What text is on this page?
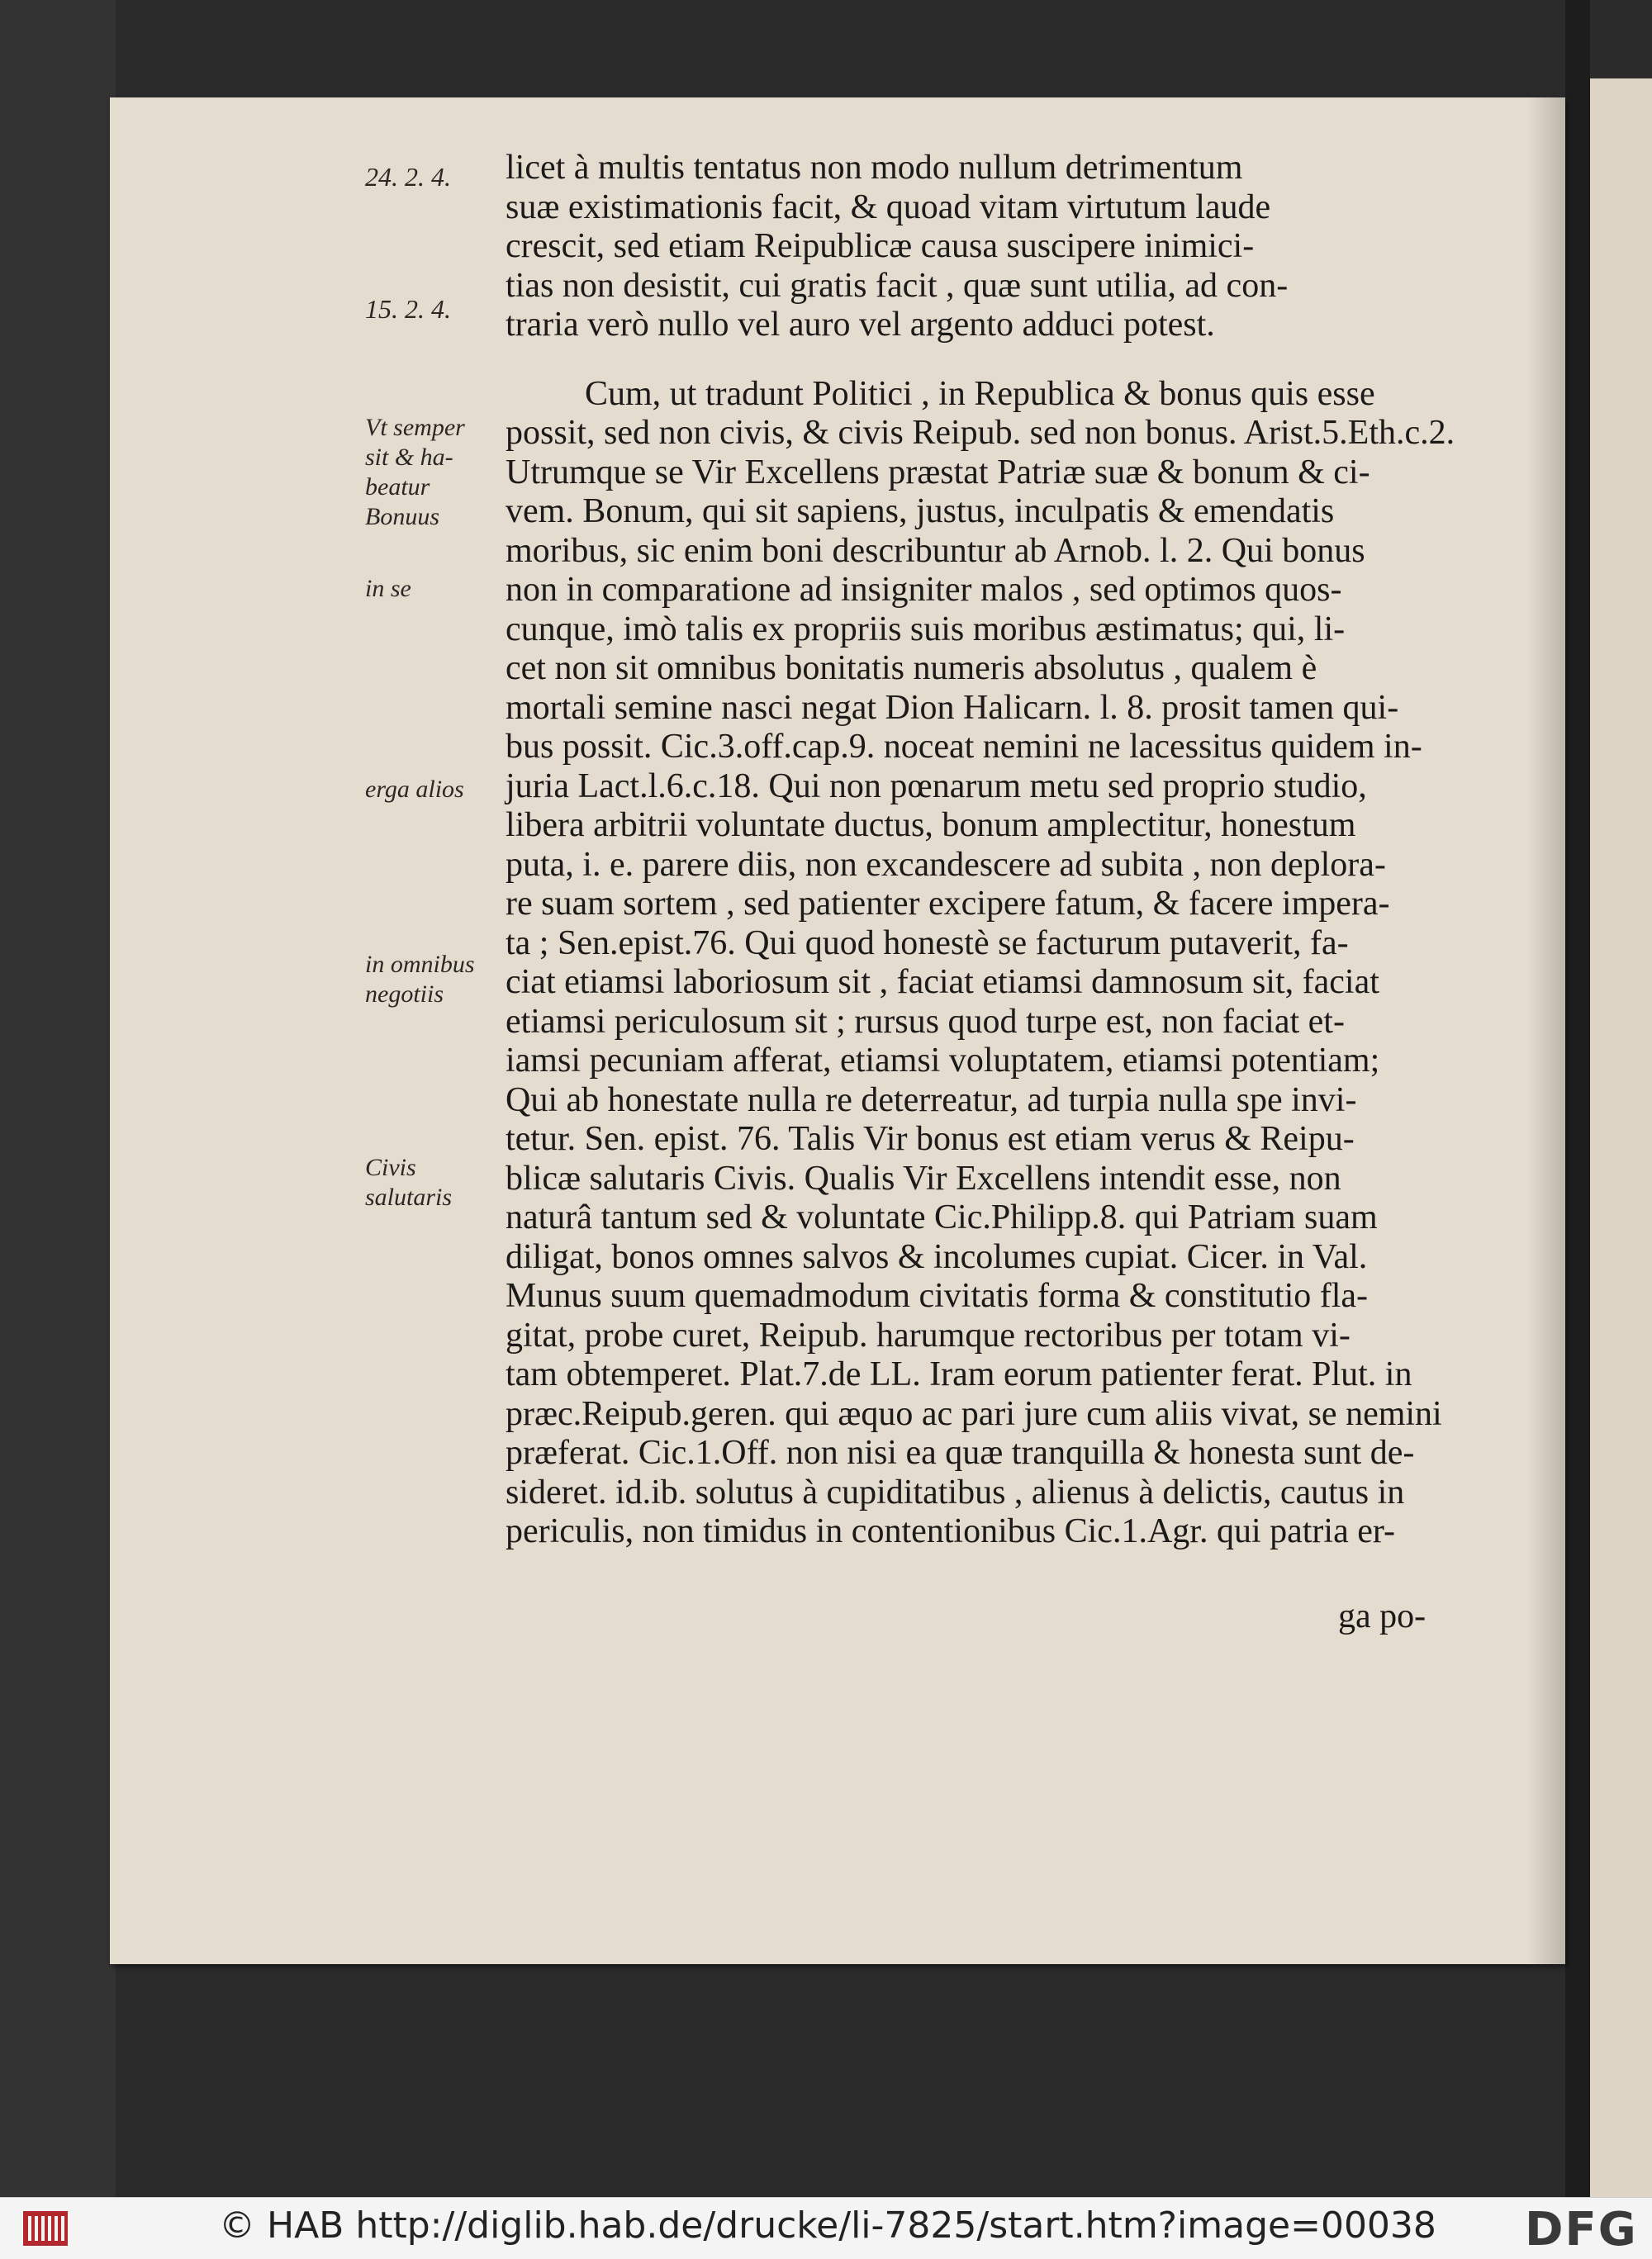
24. 2. 4.
15. 2. 4.
Vt semper
sit & ha-
beatur
Bonuus
in se
erga alios
in omnibus
negotiis
Civis
salutaris
licet à multis tentatus non modo nullum detrimentum
suæ existimationis facit, & quoad vitam virtutum laude
crescit, sed etiam Reipublicæ causa suscipere inimici-
tias non desistit, cui gratis facit , quæ sunt utilia, ad con-
traria verò nullo vel auro vel argento adduci potest.
Cum, ut tradunt Politici , in Republica & bonus quis esse
possit, sed non civis, & civis Reipub. sed non bonus. Arist.5.Eth.c.2.
Utrumque se Vir Excellens præstat Patriæ suæ & bonum & ci-
vem. Bonum, qui sit sapiens, justus, inculpatis & emendatis
moribus, sic enim boni describuntur ab Arnob. l. 2. Qui bonus
non in comparatione ad insigniter malos , sed optimos quos-
cunque, imò talis ex propriis suis moribus æstimatus; qui, li-
cet non sit omnibus bonitatis numeris absolutus , qualem è
mortali semine nasci negat Dion Halicarn. l. 8. prosit tamen qui-
bus possit. Cic.3.off.cap.9. noceat nemini ne lacessitus quidem in-
juria Lact.l.6.c.18. Qui non pœnarum metu sed proprio studio,
libera arbitrii voluntate ductus, bonum amplectitur, honestum
puta, i. e. parere diis, non excandescere ad subita , non deplora-
re suam sortem , sed patienter excipere fatum, & facere impera-
ta ; Sen.epist.76. Qui quod honestè se facturum putaverit, fa-
ciat etiamsi laboriosum sit , faciat etiamsi damnosum sit, faciat
etiamsi periculosum sit ; rursus quod turpe est, non faciat et-
iamsi pecuniam afferat, etiamsi voluptatem, etiamsi potentiam;
Qui ab honestate nulla re deterreatur, ad turpia nulla spe invi-
tetur. Sen. epist. 76. Talis Vir bonus est etiam verus & Reipu-
blicæ salutaris Civis. Qualis Vir Excellens intendit esse, non
naturâ tantum sed & voluntate Cic.Philipp.8. qui Patriam suam
diligat, bonos omnes salvos & incolumes cupiat. Cicer. in Val.
Munus suum quemadmodum civitatis forma & constitutio fla-
gitat, probe curet, Reipub. harumque rectoribus per totam vi-
tam obtemperet. Plat.7.de LL. Iram eorum patienter ferat. Plut. in
præc.Reipub.geren. qui æquo ac pari jure cum aliis vivat, se nemini
præferat. Cic.1.Off. non nisi ea quæ tranquilla & honesta sunt de-
sideret. id.ib. solutus à cupiditatibus , alienus à delictis, cautus in
periculis, non timidus in contentionibus Cic.1.Agr. qui patria er-
ga po-
© HAB http://diglib.hab.de/drucke/li-7825/start.htm?image=00038 DFG
